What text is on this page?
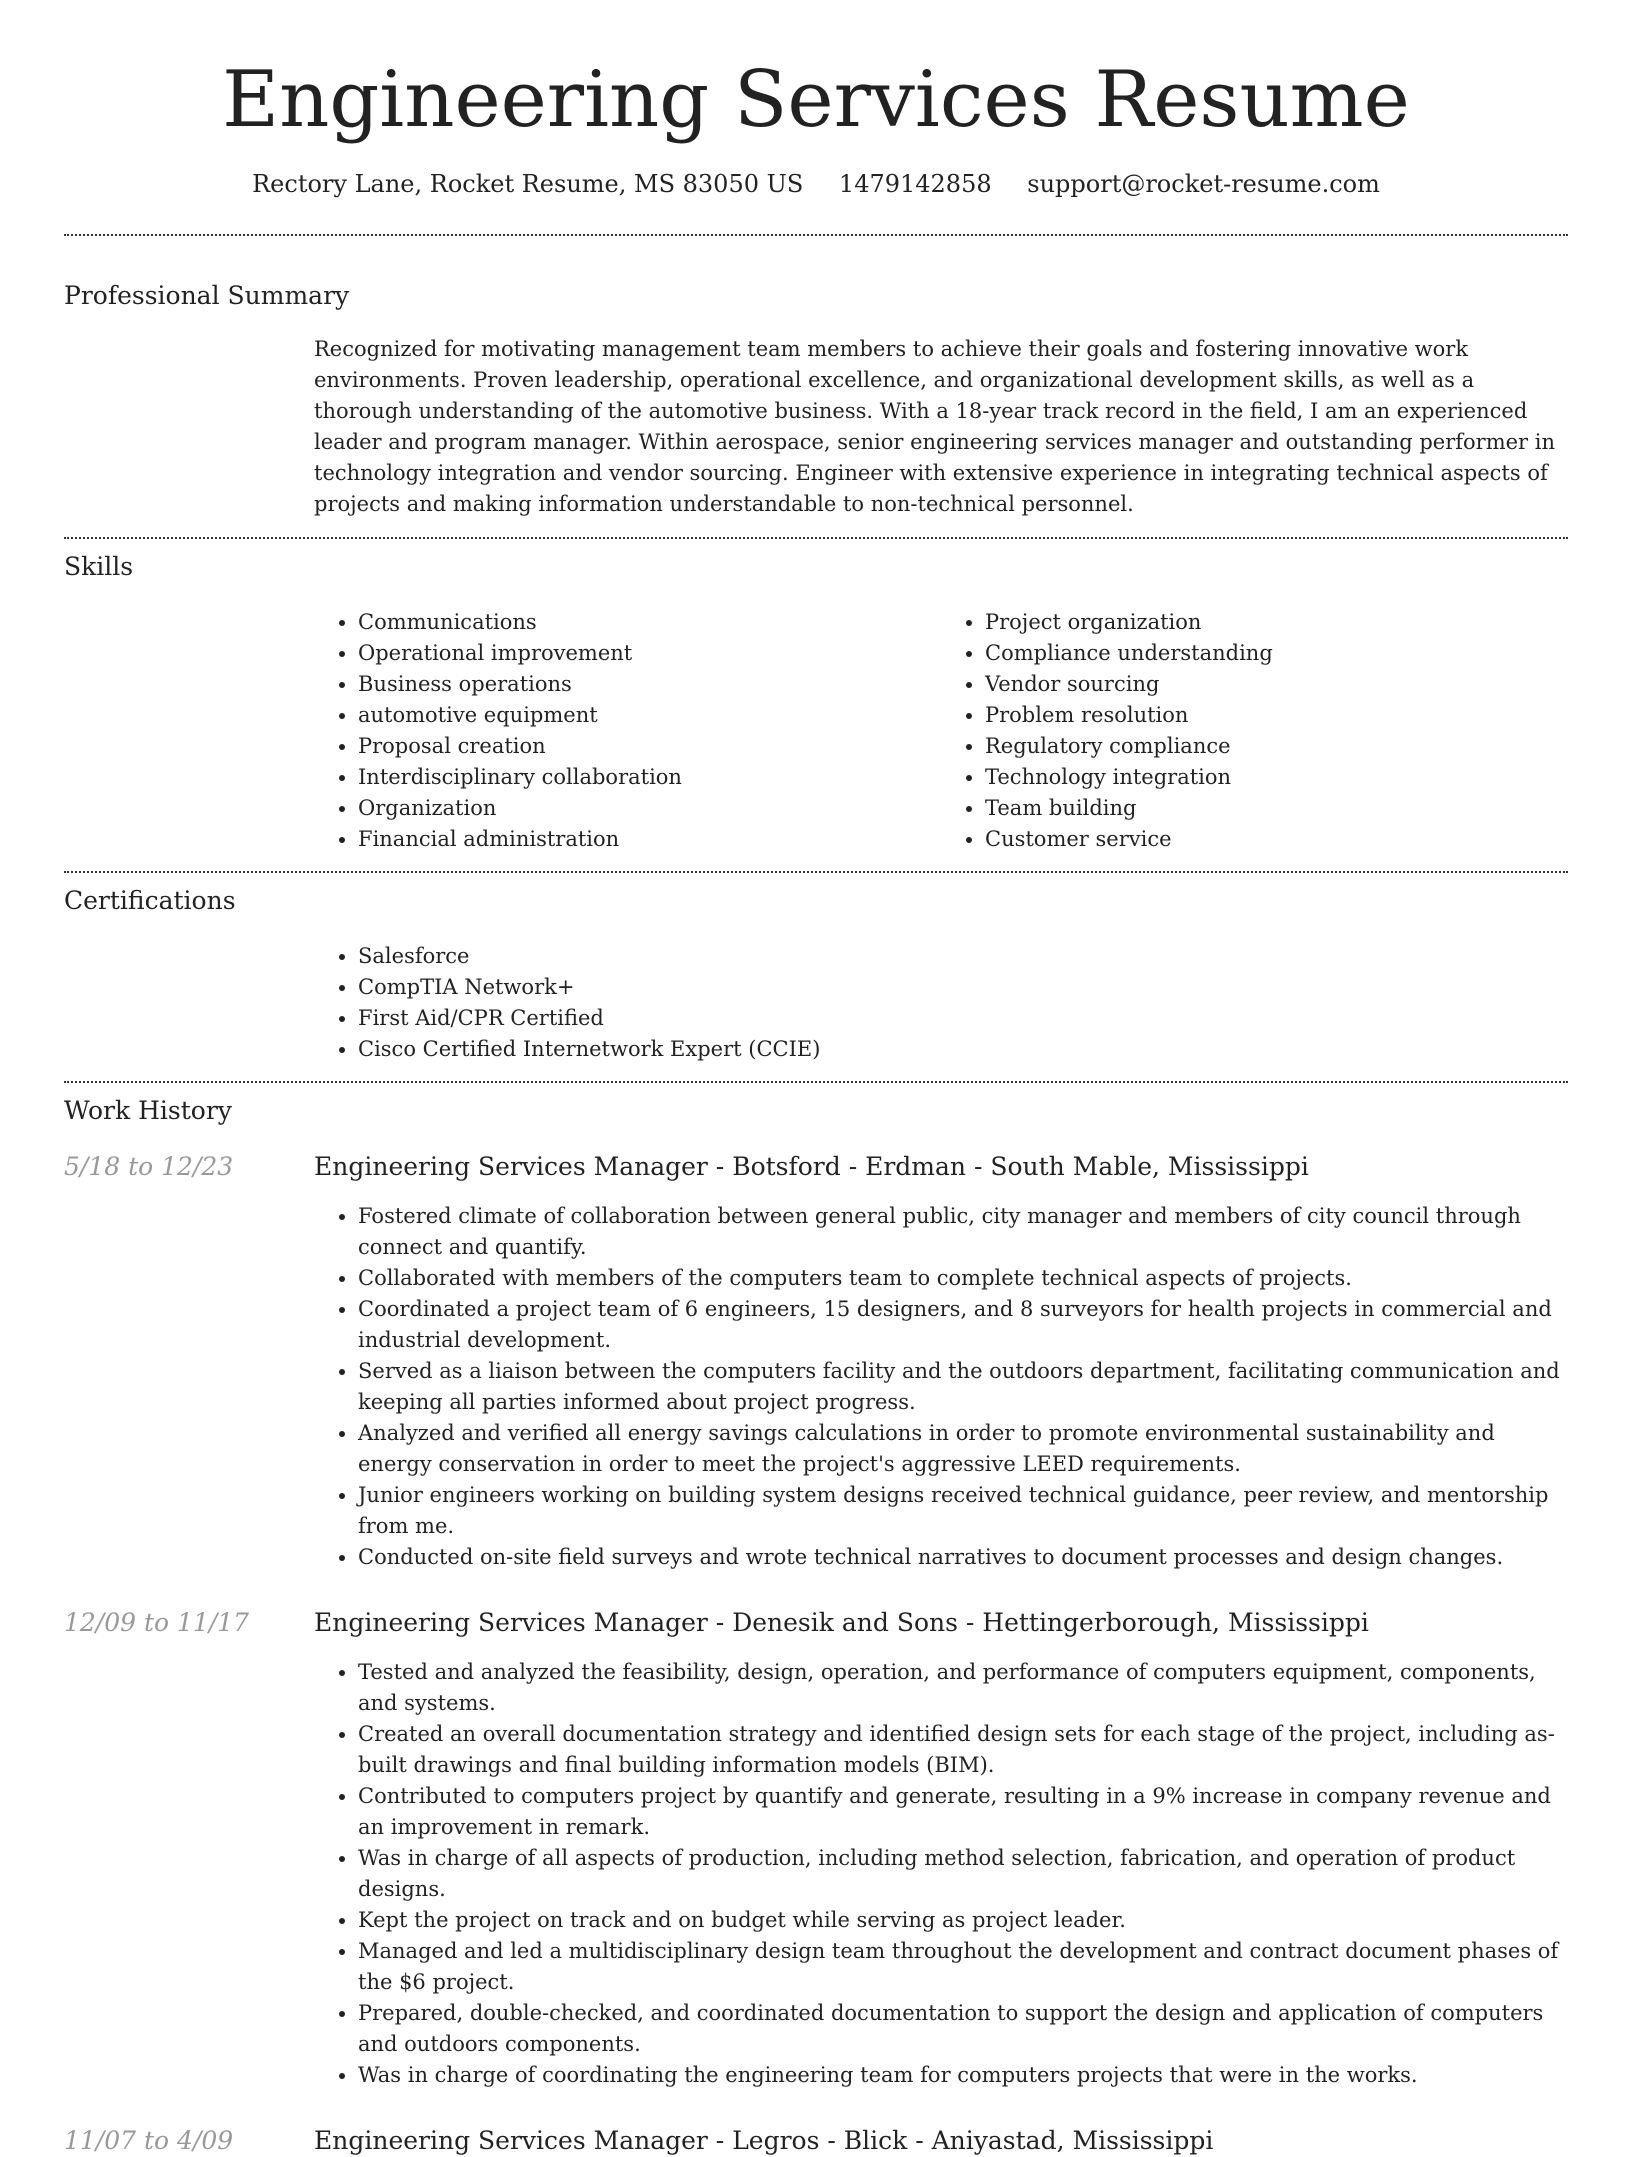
Engineering Services Resume
Rectory Lane, Rocket Resume, MS 83050 US 1479142858 support@rocket-resume.com
Professional Summary
Recognized for motivating management team members to achieve their goals and fostering innovative work environments. Proven leadership, operational excellence, and organizational development skills, as well as a thorough understanding of the automotive business. With a 18-year track record in the field, I am an experienced leader and program manager. Within aerospace, senior engineering services manager and outstanding performer in technology integration and vendor sourcing. Engineer with extensive experience in integrating technical aspects of projects and making information understandable to non-technical personnel.
Skills
• Communications
• Operational improvement
• Business operations
• automotive equipment
• Proposal creation
• Interdisciplinary collaboration
• Organization
• Financial administration
• Project organization
• Compliance understanding
• Vendor sourcing
• Problem resolution
• Regulatory compliance
• Technology integration
• Team building
• Customer service
Certifications
• Salesforce
• CompTIA Network+
• First Aid/CPR Certified
• Cisco Certified Internetwork Expert (CCIE)
Work History
5/18 to 12/23	Engineering Services Manager - Botsford - Erdman - South Mable, Mississippi
• Fostered climate of collaboration between general public, city manager and members of city council through connect and quantify.
• Collaborated with members of the computers team to complete technical aspects of projects.
• Coordinated a project team of 6 engineers, 15 designers, and 8 surveyors for health projects in commercial and industrial development.
• Served as a liaison between the computers facility and the outdoors department, facilitating communication and keeping all parties informed about project progress.
• Analyzed and verified all energy savings calculations in order to promote environmental sustainability and energy conservation in order to meet the project's aggressive LEED requirements.
• Junior engineers working on building system designs received technical guidance, peer review, and mentorship from me.
• Conducted on-site field surveys and wrote technical narratives to document processes and design changes.
12/09 to 11/17	Engineering Services Manager - Denesik and Sons - Hettingerborough, Mississippi
• Tested and analyzed the feasibility, design, operation, and performance of computers equipment, components, and systems.
• Created an overall documentation strategy and identified design sets for each stage of the project, including as-built drawings and final building information models (BIM).
• Contributed to computers project by quantify and generate, resulting in a 9% increase in company revenue and an improvement in remark.
• Was in charge of all aspects of production, including method selection, fabrication, and operation of product designs.
• Kept the project on track and on budget while serving as project leader.
• Managed and led a multidisciplinary design team throughout the development and contract document phases of the $6 project.
• Prepared, double-checked, and coordinated documentation to support the design and application of computers and outdoors components.
• Was in charge of coordinating the engineering team for computers projects that were in the works.
11/07 to 4/09	Engineering Services Manager - Legros - Blick - Aniyastad, Mississippi
